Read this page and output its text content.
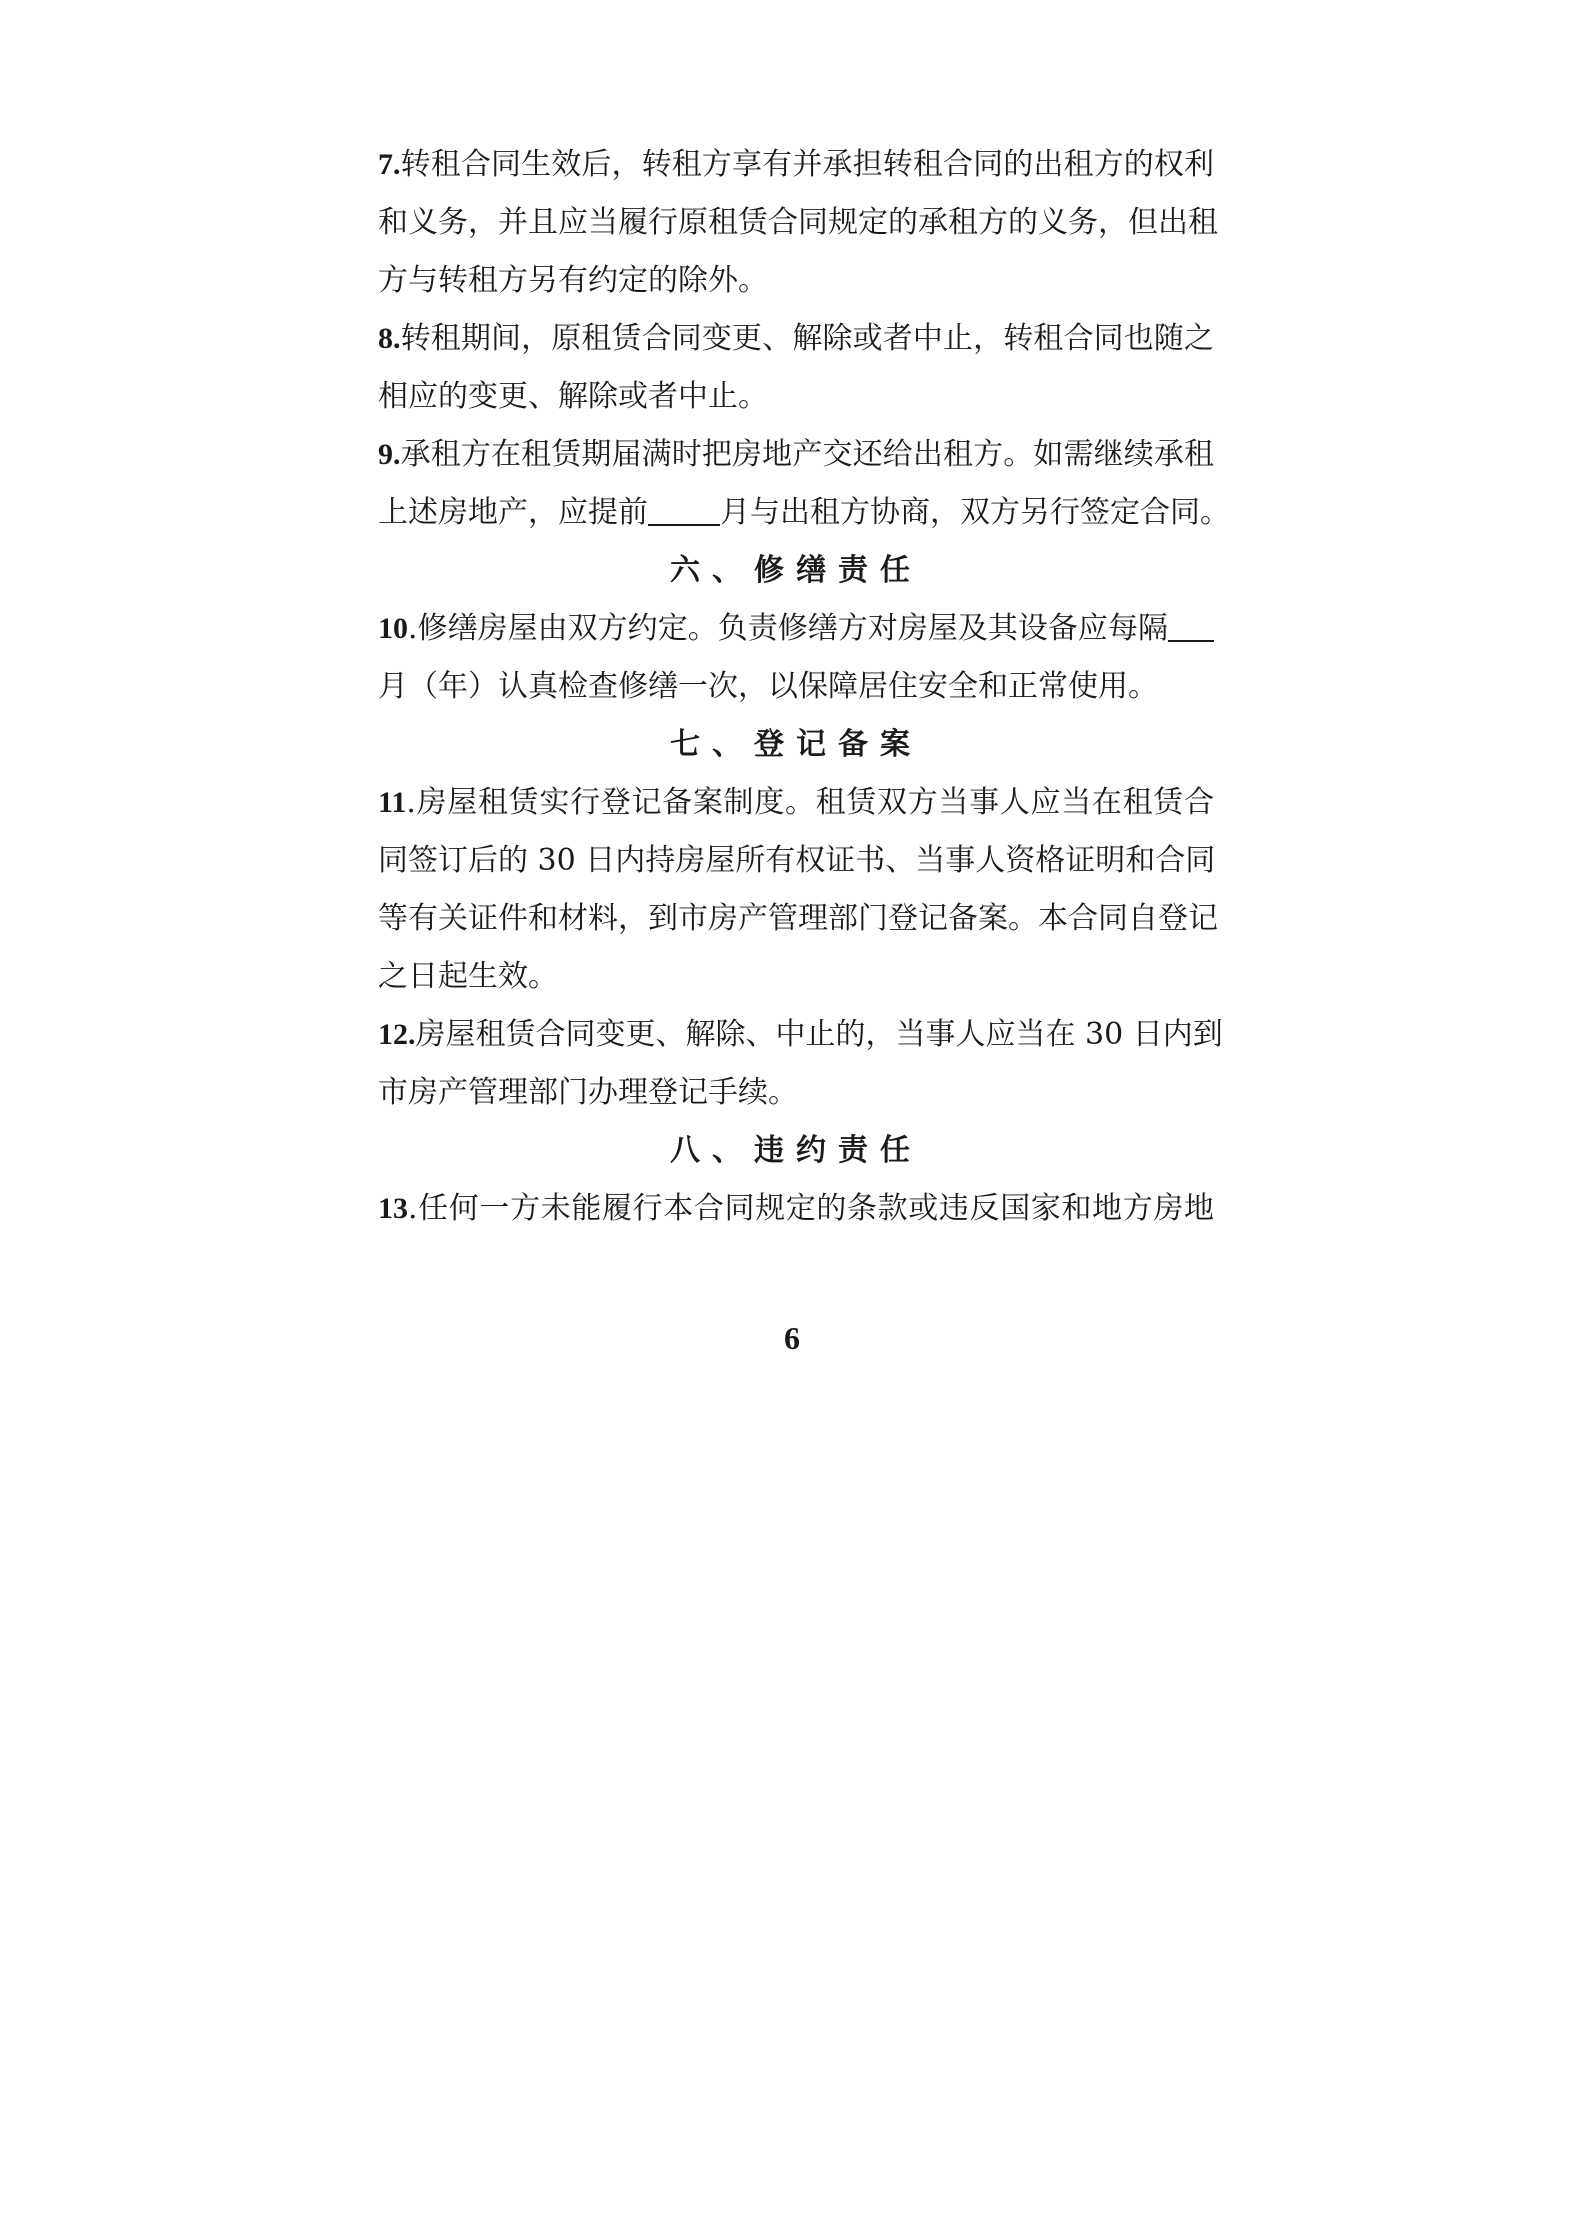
7.转租合同生效后，转租方享有并承担转租合同的出租方的权利
和义务，并且应当履行原租赁合同规定的承租方的义务，但出租
方与转租方另有约定的除外。
8.转租期间，原租赁合同变更、解除或者中止，转租合同也随之
相应的变更、解除或者中止。
9.承租方在租赁期届满时把房地产交还给出租方。如需继续承租
上述房地产，应提前 月与出租方协商，双方另行签定合同。
六、修缮责任
10.修缮房屋由双方约定。负责修缮方对房屋及其设备应每隔
月（年）认真检查修缮一次，以保障居住安全和正常使用。
七、登记备案
11.房屋租赁实行登记备案制度。租赁双方当事人应当在租赁合
同签订后的 30 日内持房屋所有权证书、当事人资格证明和合同
等有关证件和材料，到市房产管理部门登记备案。本合同自登记
之日起生效。
12.房屋租赁合同变更、解除、中止的，当事人应当在 30 日内到
市房产管理部门办理登记手续。
八、违约责任
13.任何一方未能履行本合同规定的条款或违反国家和地方房地
6
